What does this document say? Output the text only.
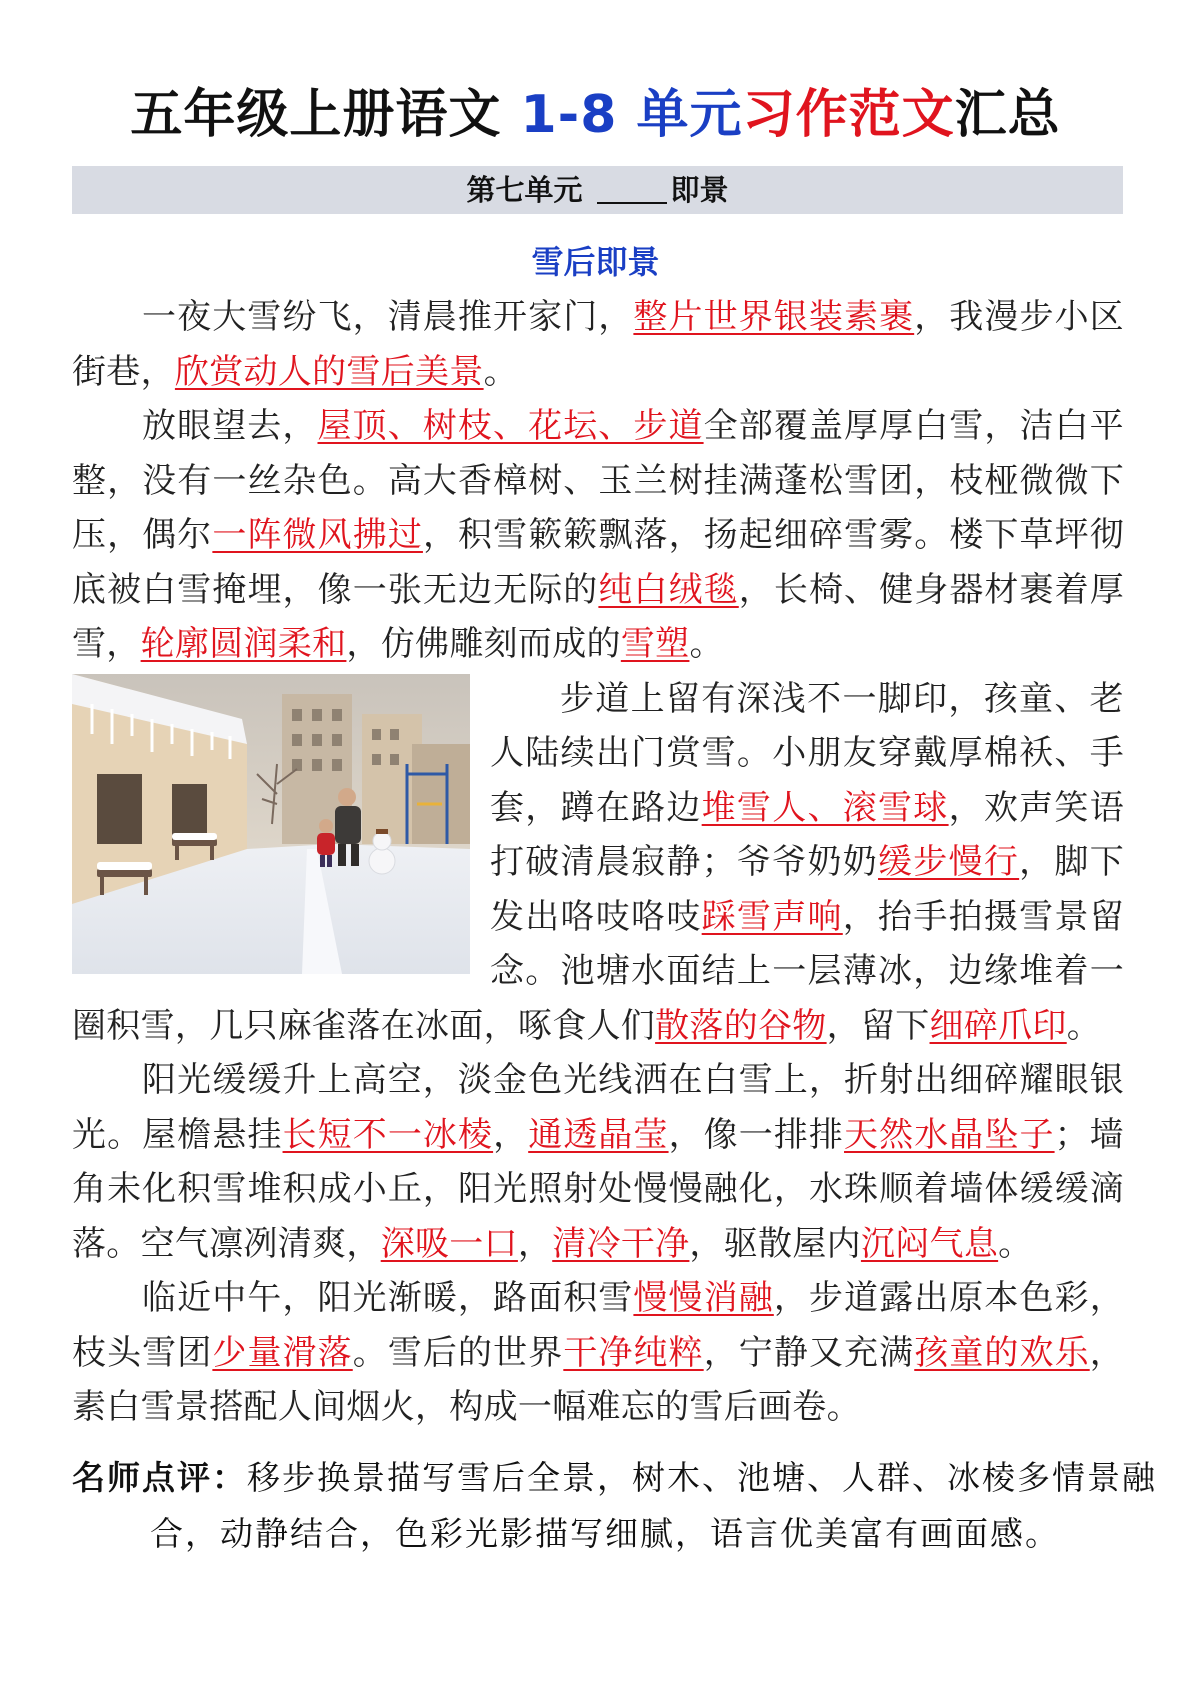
五年级上册语文 1-8 单元习作范文汇总
第七单元	即景
雪后即景

一夜大雪纷飞，清晨推开家门，整片世界银装素裹，我漫步小区街巷，欣赏动人的雪后美景。

放眼望去，屋顶、树枝、花坛、步道全部覆盖厚厚白雪，洁白平整，没有一丝杂色。高大香樟树、玉兰树挂满蓬松雪团，枝桠微微下压，偶尔一阵微风拂过，积雪簌簌飘落，扬起细碎雪雾。楼下草坪彻底被白雪掩埋，像一张无边无际的纯白绒毯，长椅、健身器材裹着厚雪，轮廓圆润柔和，仿佛雕刻而成的雪塑。

步道上留有深浅不一脚印，孩童、老人陆续出门赏雪。小朋友穿戴厚棉袄、手套，蹲在路边堆雪人、滚雪球，欢声笑语打破清晨寂静；爷爷奶奶缓步慢行，脚下发出咯吱咯吱踩雪声响，抬手拍摄雪景留念。池塘水面结上一层薄冰，边缘堆着一圈积雪，几只麻雀落在冰面，啄食人们散落的谷物，留下细碎爪印。

阳光缓缓升上高空，淡金色光线洒在白雪上，折射出细碎耀眼银光。屋檐悬挂长短不一冰棱，通透晶莹，像一排排天然水晶坠子；墙角未化积雪堆积成小丘，阳光照射处慢慢融化，水珠顺着墙体缓缓滴落。空气凛冽清爽，深吸一口，清冷干净，驱散屋内沉闷气息。

临近中午，阳光渐暖，路面积雪慢慢消融，步道露出原本色彩，枝头雪团少量滑落。雪后的世界干净纯粹，宁静又充满孩童的欢乐，素白雪景搭配人间烟火，构成一幅难忘的雪后画卷。

名师点评：移步换景描写雪后全景，树木、池塘、人群、冰棱多情景融合，动静结合，色彩光影描写细腻，语言优美富有画面感。
